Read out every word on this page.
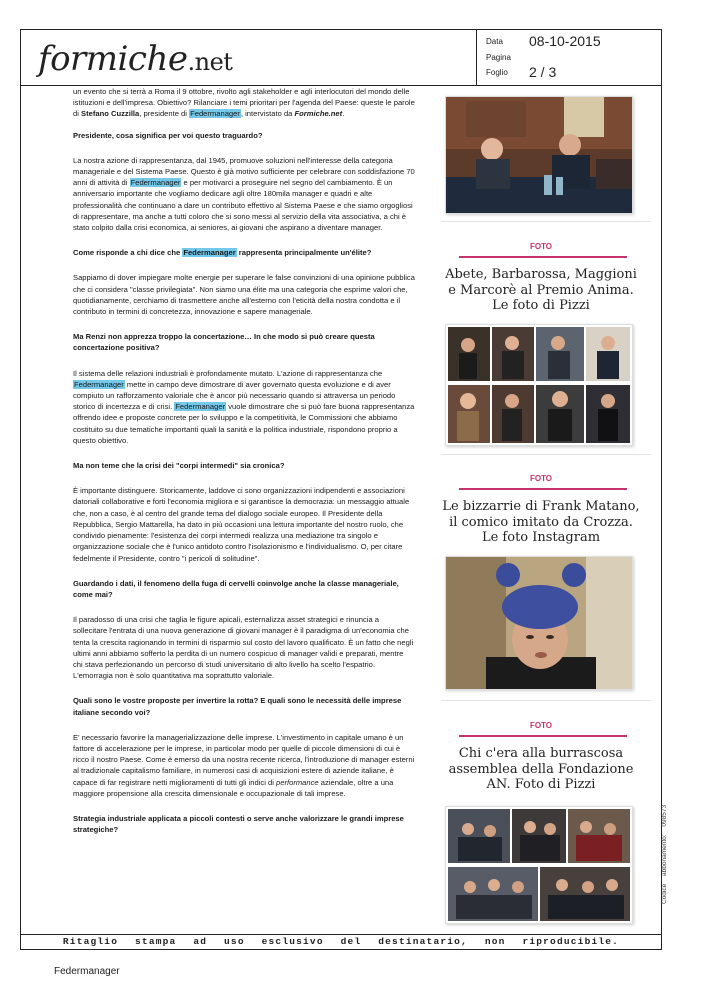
formiche.net
Data 08-10-2015
Pagina
Foglio 2 / 3

un evento che si terrà a Roma il 9 ottobre, rivolto agli stakeholder e agli interlocutori del mondo delle istituzioni e dell'impresa. Obiettivo? Rilanciare i temi prioritari per l'agenda del Paese: queste le parole di Stefano Cuzzilla, presidente di Federmanager, intervistato da Formiche.net.

Presidente, cosa significa per voi questo traguardo?

La nostra azione di rappresentanza, dal 1945, promuove soluzioni nell'interesse della categoria manageriale e del Sistema Paese. Questo è già motivo sufficiente per celebrare con soddisfazione 70 anni di attività di Federmanager e per motivarci a proseguire nel segno del cambiamento. È un anniversario importante che vogliamo dedicare agli oltre 180mila manager e quadri e alte professionalità che continuano a dare un contributo effettivo al Sistema Paese e che siamo orgogliosi di rappresentare, ma anche a tutti coloro che si sono messi al servizio della vita associativa, a chi è stato colpito dalla crisi economica, ai seniores, ai giovani che aspirano a diventare manager.

Come risponde a chi dice che Federmanager rappresenta principalmente un'élite?

Sappiamo di dover impiegare molte energie per superare le false convinzioni di una opinione pubblica che ci considera "classe privilegiata". Non siamo una élite ma una categoria che esprime valori che, quotidianamente, cerchiamo di trasmettere anche all'esterno con l'eticità della nostra condotta e il contributo in termini di concretezza, innovazione e sapere manageriale.

Ma Renzi non apprezza troppo la concertazione… In che modo si può creare questa concertazione positiva?

Il sistema delle relazioni industriali è profondamente mutato. L'azione di rappresentanza che Federmanager mette in campo deve dimostrare di aver governato questa evoluzione e di aver compiuto un rafforzamento valoriale che è ancor più necessario quando si attraversa un periodo storico di incertezza e di crisi. Federmanager vuole dimostrare che si può fare buona rappresentanza offrendo idee e proposte concrete per lo sviluppo e la competitività, le Commissioni che abbiamo costituito su due tematiche importanti quali la sanità e la politica industriale, rispondono proprio a questo obiettivo.

Ma non teme che la crisi dei "corpi intermedi" sia cronica?

È importante distinguere. Storicamente, laddove ci sono organizzazioni indipendenti e associazioni datoriali collaborative e forti l'economia migliora e si garantisce la democrazia: un messaggio attuale che, non a caso, è al centro del grande tema del dialogo sociale europeo. Il Presidente della Repubblica, Sergio Mattarella, ha dato in più occasioni una lettura importante del nostro ruolo, che condivido pienamente: l'esistenza dei corpi intermedi realizza una mediazione tra singolo e organizzazione sociale che è l'unico antidoto contro l'isolazionismo e l'individualismo. O, per citare fedelmente il Presidente, contro "i pericoli di solitudine".

Guardando i dati, il fenomeno della fuga di cervelli coinvolge anche la classe manageriale, come mai?

Il paradosso di una crisi che taglia le figure apicali, esternalizza asset strategici e rinuncia a sollecitare l'entrata di una nuova generazione di giovani manager è il paradigma di un'economia che tenta la crescita ragionando in termini di risparmio sul costo del lavoro qualificato. È un fatto che negli ultimi anni abbiamo sofferto la perdita di un numero cospicuo di manager validi e preparati, mentre chi stava perfezionando un percorso di studi universitario di alto livello ha scelto l'espatrio. L'emorragia non è solo quantitativa ma soprattutto valoriale.

Quali sono le vostre proposte per invertire la rotta? E quali sono le necessità delle imprese italiane secondo voi?

E' necessario favorire la managerializzazione delle imprese. L'investimento in capitale umano è un fattore di accelerazione per le imprese, in particolar modo per quelle di piccole dimensioni di cui è ricco il nostro Paese. Come è emerso da una nostra recente ricerca, l'introduzione di manager esterni al tradizionale capitalismo familiare, in numerosi casi di acquisizioni estere di aziende italiane, è capace di far registrare netti miglioramenti di tutti gli indici di performance aziendale, oltre a una maggiore propensione alla crescita dimensionale e occupazionale di tali imprese.

Strategia industriale applicata a piccoli contesti o serve anche valorizzare le grandi imprese strategiche?

FOTO
Abete, Barbarossa, Maggioni e Marcorè al Premio Anima. Le foto di Pizzi
FOTO
Le bizzarrie di Frank Matano, il comico imitato da Crozza. Le foto Instagram
FOTO
Chi c'era alla burrascosa assemblea della Fondazione AN. Foto di Pizzi
Ritaglio stampa ad uso esclusivo del destinatario, non riproducibile.
Federmanager
Codice abbonamento: 098573
